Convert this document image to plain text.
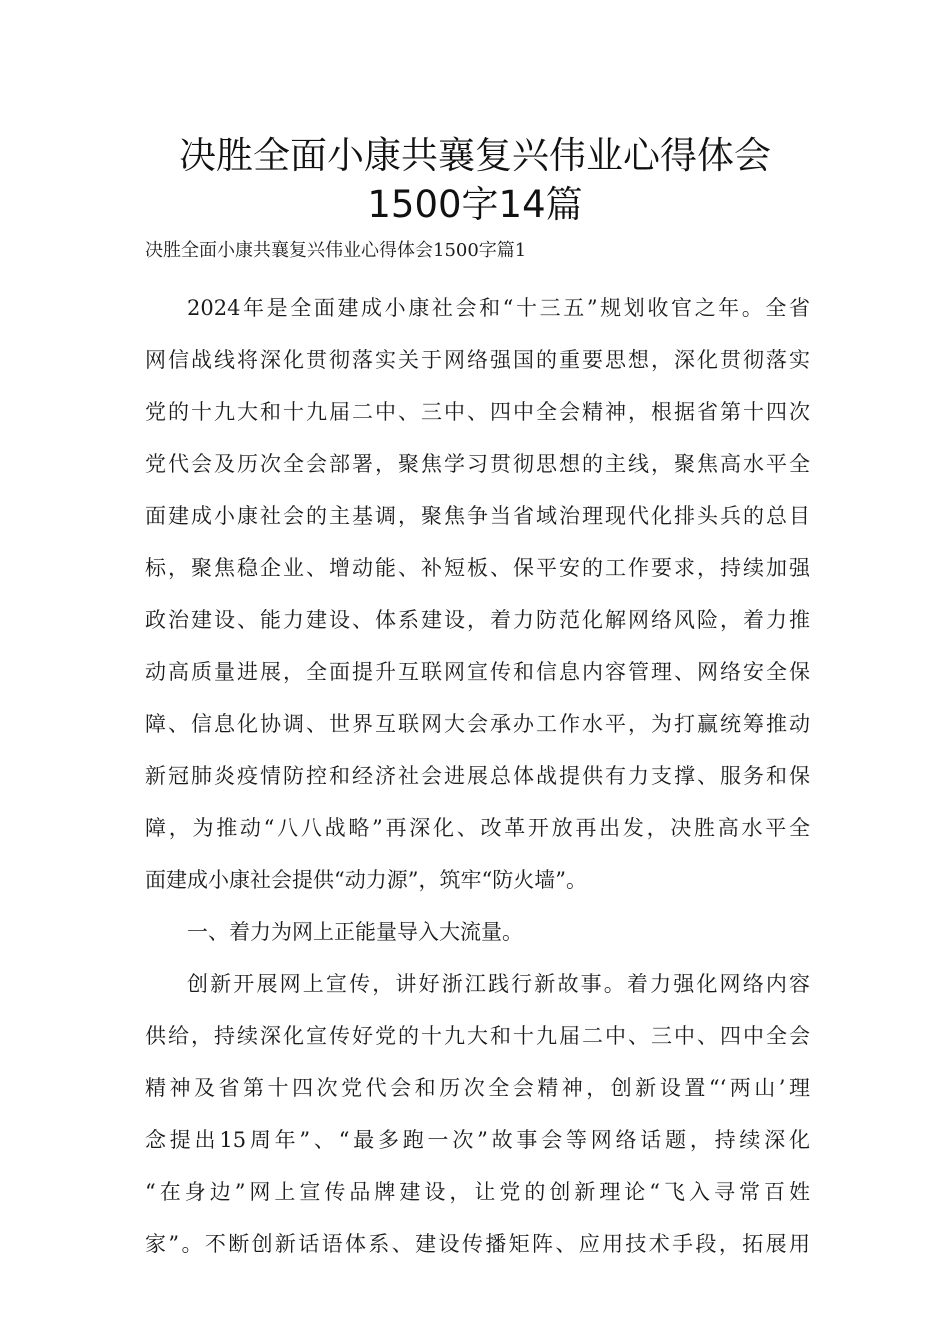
决胜全面小康共襄复兴伟业心得体会
1500字14篇
决胜全面小康共襄复兴伟业心得体会1500字篇1
2024年是全面建成小康社会和“十三五”规划收官之年。全省
网信战线将深化贯彻落实关于网络强国的重要思想，深化贯彻落实
党的十九大和十九届二中、三中、四中全会精神，根据省第十四次
党代会及历次全会部署，聚焦学习贯彻思想的主线，聚焦高水平全
面建成小康社会的主基调，聚焦争当省域治理现代化排头兵的总目
标，聚焦稳企业、增动能、补短板、保平安的工作要求，持续加强
政治建设、能力建设、体系建设，着力防范化解网络风险，着力推
动高质量进展，全面提升互联网宣传和信息内容管理、网络安全保
障、信息化协调、世界互联网大会承办工作水平，为打赢统筹推动
新冠肺炎疫情防控和经济社会进展总体战提供有力支撑、服务和保
障，为推动“八八战略”再深化、改革开放再出发，决胜高水平全
面建成小康社会提供“动力源”，筑牢“防火墙”。
一、着力为网上正能量导入大流量。
创新开展网上宣传，讲好浙江践行新故事。着力强化网络内容
供给，持续深化宣传好党的十九大和十九届二中、三中、四中全会
精神及省第十四次党代会和历次全会精神，创新设置“‘两山’理
念提出15周年”、“最多跑一次”故事会等网络话题，持续深化
“在身边”网上宣传品牌建设，让党的创新理论“飞入寻常百姓
家”。不断创新话语体系、建设传播矩阵、应用技术手段，拓展用
